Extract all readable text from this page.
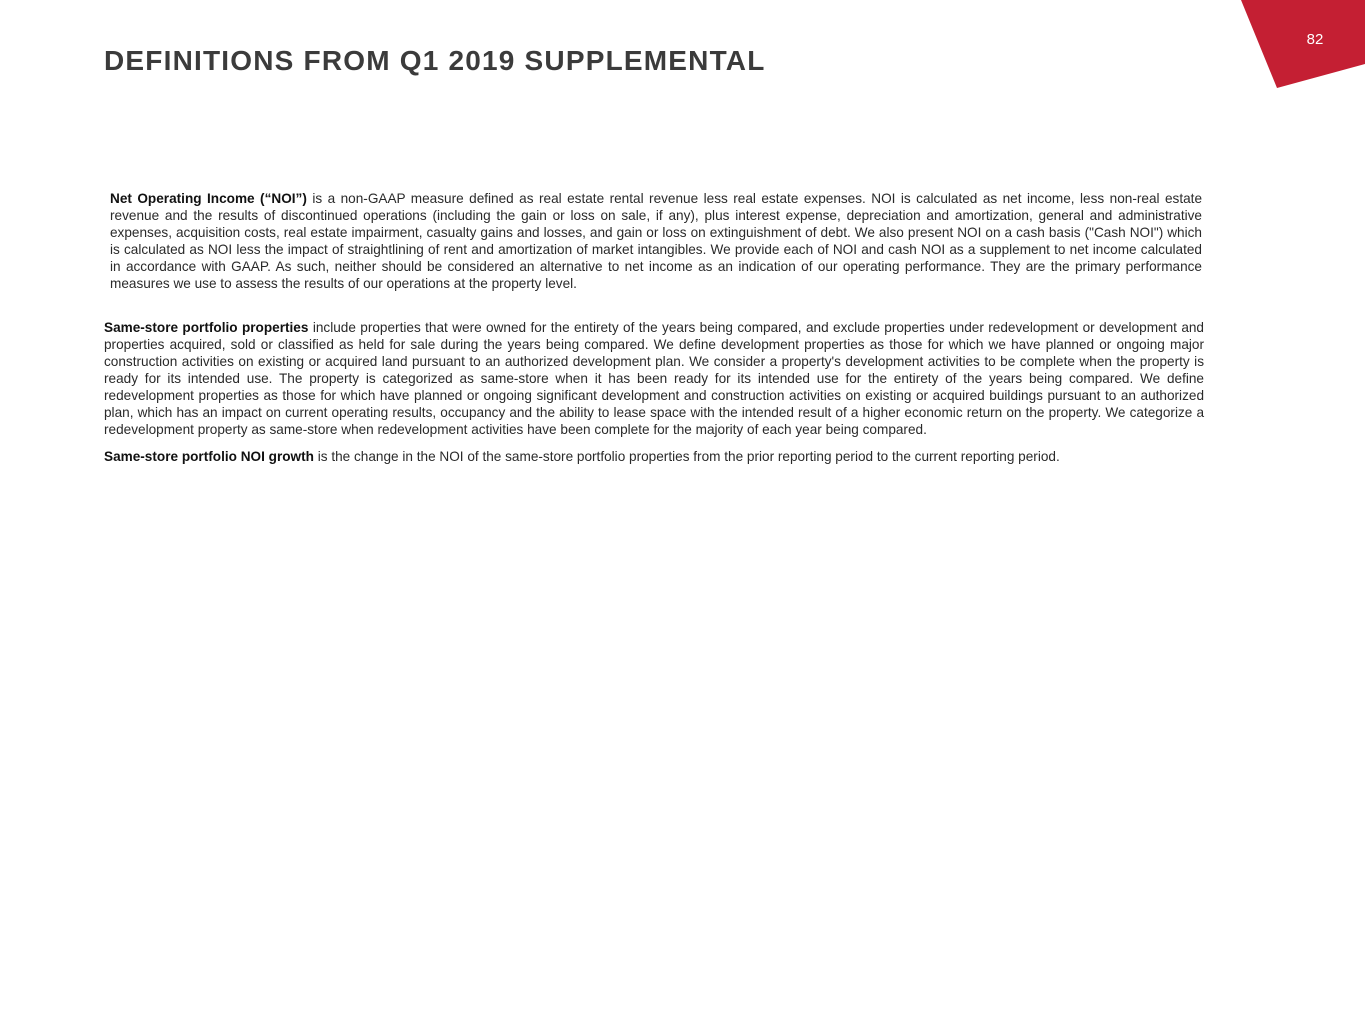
DEFINITIONS FROM Q1 2019 SUPPLEMENTAL
82

Net Operating Income (“NOI”) is a non-GAAP measure defined as real estate rental revenue less real estate expenses. NOI is calculated as net income, less non-real estate revenue and the results of discontinued operations (including the gain or loss on sale, if any), plus interest expense, depreciation and amortization, general and administrative expenses, acquisition costs, real estate impairment, casualty gains and losses, and gain or loss on extinguishment of debt. We also present NOI on a cash basis ("Cash NOI") which is calculated as NOI less the impact of straightlining of rent and amortization of market intangibles. We provide each of NOI and cash NOI as a supplement to net income calculated in accordance with GAAP. As such, neither should be considered an alternative to net income as an indication of our operating performance. They are the primary performance measures we use to assess the results of our operations at the property level.

Same-store portfolio properties include properties that were owned for the entirety of the years being compared, and exclude properties under redevelopment or development and properties acquired, sold or classified as held for sale during the years being compared. We define development properties as those for which we have planned or ongoing major construction activities on existing or acquired land pursuant to an authorized development plan. We consider a property's development activities to be complete when the property is ready for its intended use. The property is categorized as same-store when it has been ready for its intended use for the entirety of the years being compared. We define redevelopment properties as those for which have planned or ongoing significant development and construction activities on existing or acquired buildings pursuant to an authorized plan, which has an impact on current operating results, occupancy and the ability to lease space with the intended result of a higher economic return on the property. We categorize a redevelopment property as same-store when redevelopment activities have been complete for the majority of each year being compared.

Same-store portfolio NOI growth is the change in the NOI of the same-store portfolio properties from the prior reporting period to the current reporting period.
